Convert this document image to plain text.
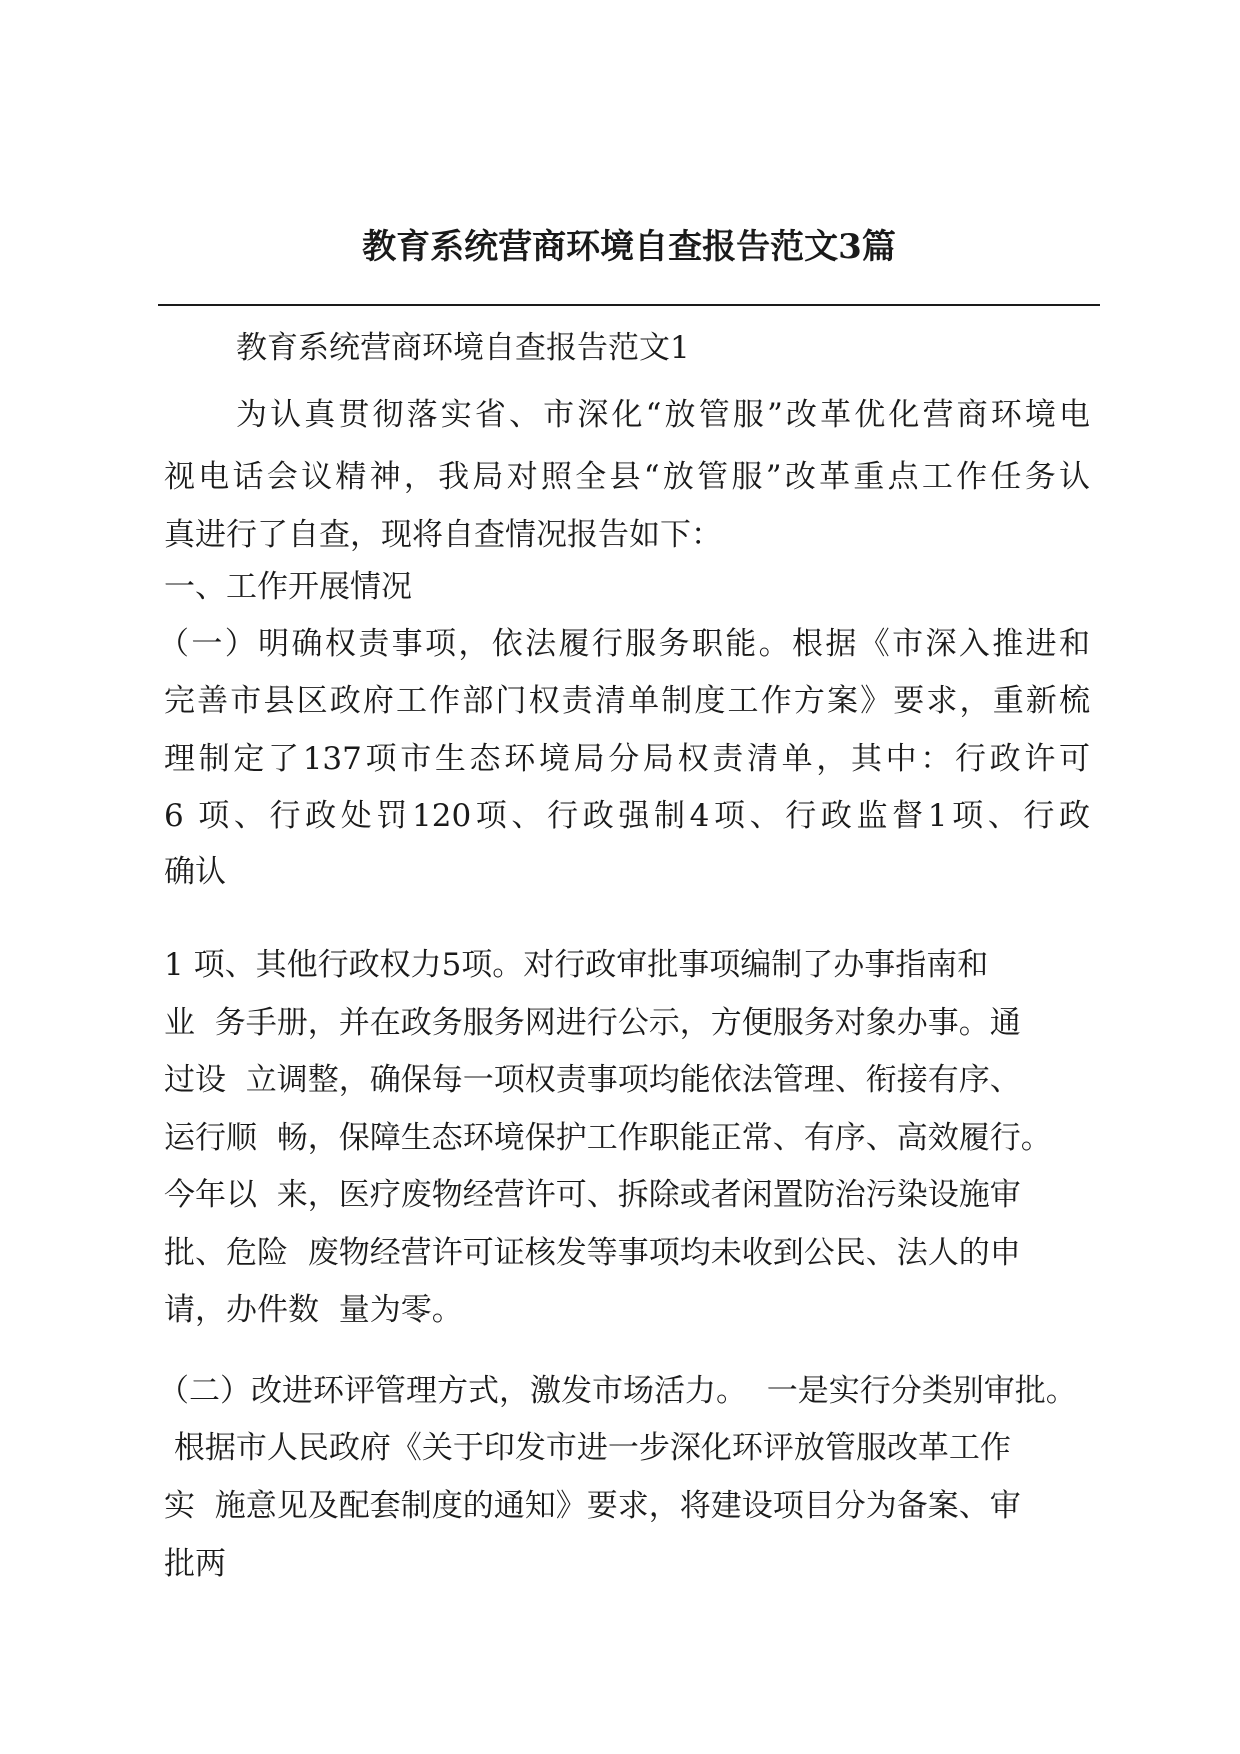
教育系统营商环境自查报告范文3篇
教育系统营商环境自查报告范文1
为认真贯彻落实省、市深化“放管服”改革优化营商环境电
视电话会议精神，我局对照全县“放管服”改革重点工作任务认
真进行了自查，现将自查情况报告如下：
一、工作开展情况
（一）明确权责事项，依法履行服务职能。根据《市深入推进和
完善市县区政府工作部门权责清单制度工作方案》要求，重新梳
理制定了137项市生态环境局分局权责清单，其中：行政许可
6 项、行政处罚120项、行政强制4项、行政监督1项、行政
确认
1 项、其他行政权力5项。对行政审批事项编制了办事指南和
业  务手册，并在政务服务网进行公示，方便服务对象办事。通
过设  立调整，确保每一项权责事项均能依法管理、衔接有序、
运行顺  畅，保障生态环境保护工作职能正常、有序、高效履行。
今年以  来，医疗废物经营许可、拆除或者闲置防治污染设施审
批、危险  废物经营许可证核发等事项均未收到公民、法人的申
请，办件数  量为零。
（二）改进环评管理方式，激发市场活力。  一是实行分类别审批。
根据市人民政府《关于印发市进一步深化环评放管服改革工作
实  施意见及配套制度的通知》要求，将建设项目分为备案、审
批两
